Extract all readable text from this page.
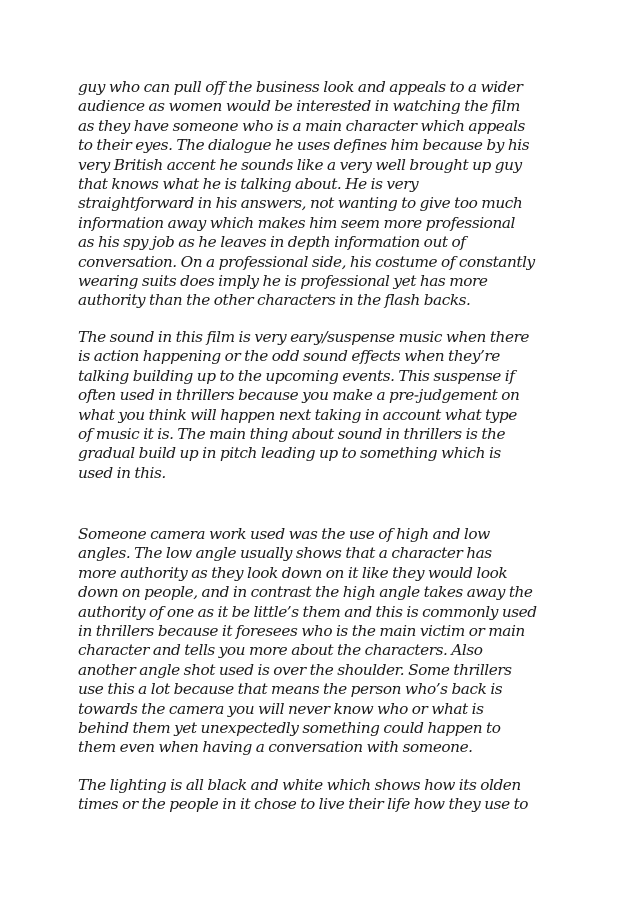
guy who can pull off the business look and appeals to a wider
audience as women would be interested in watching the film
as they have someone who is a main character which appeals
to their eyes. The dialogue he uses defines him because by his
very British accent he sounds like a very well brought up guy
that knows what he is talking about. He is very
straightforward in his answers, not wanting to give too much
information away which makes him seem more professional
as his spy job as he leaves in depth information out of
conversation. On a professional side, his costume of constantly
wearing suits does imply he is professional yet has more
authority than the other characters in the flash backs.
The sound in this film is very eary/suspense music when there
is action happening or the odd sound effects when they’re
talking building up to the upcoming events. This suspense if
often used in thrillers because you make a pre-judgement on
what you think will happen next taking in account what type
of music it is. The main thing about sound in thrillers is the
gradual build up in pitch leading up to something which is
used in this.
Someone camera work used was the use of high and low
angles. The low angle usually shows that a character has
more authority as they look down on it like they would look
down on people, and in contrast the high angle takes away the
authority of one as it be little’s them and this is commonly used
in thrillers because it foresees who is the main victim or main
character and tells you more about the characters. Also
another angle shot used is over the shoulder. Some thrillers
use this a lot because that means the person who’s back is
towards the camera you will never know who or what is
behind them yet unexpectedly something could happen to
them even when having a conversation with someone.
The lighting is all black and white which shows how its olden
times or the people in it chose to live their life how they use to
